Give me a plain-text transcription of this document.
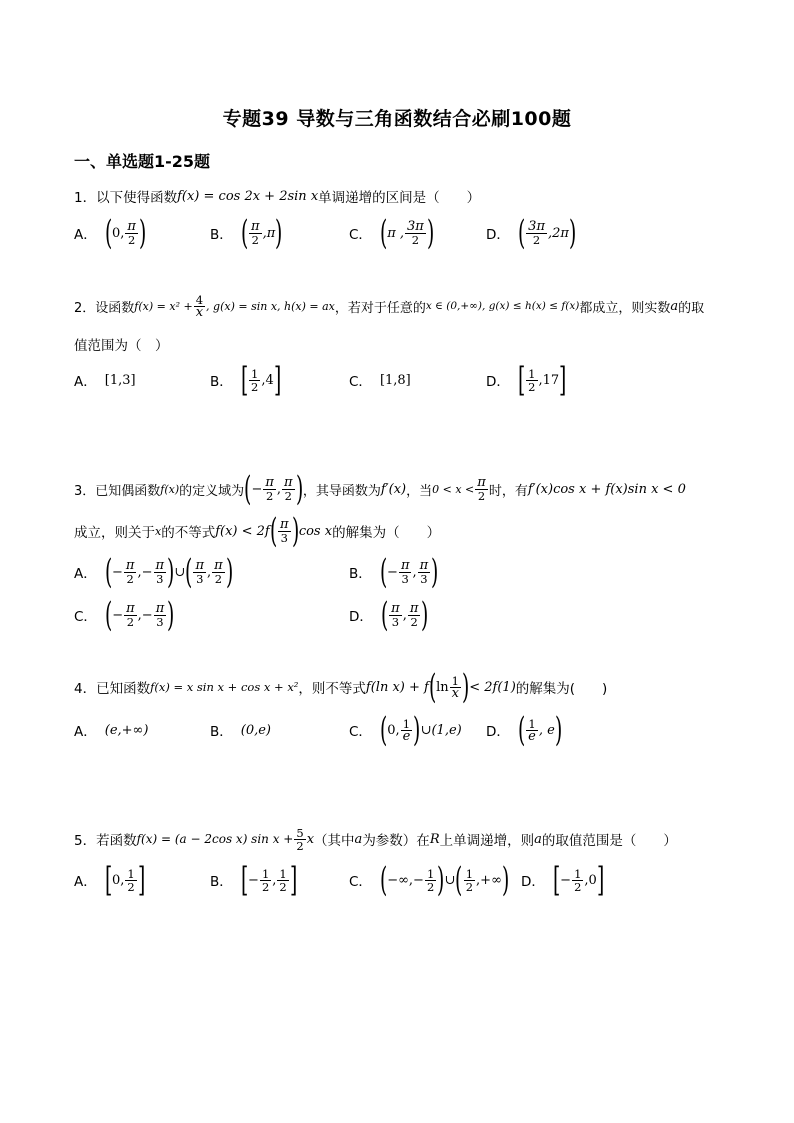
专题39 导数与三角函数结合必刷100题
一、单选题1-25题
1． 以下使得函数 f(x) = cos 2x + 2sin x 单调递增的区间是（　　）
A． ( 0, $\frac{\pi}{2}$ )	B． ( $\frac{\pi}{2} ,\pi$ )	C． ( π , $\frac{3\pi}{2}$ )	D． ( $\frac{3\pi}{2} ,2\pi$ )
2． 设函数 $f(x) = x^2 + \frac{4}{x}$ , g(x) = sin x, h(x) = ax ，若对于任意的 x ∈ (0,+∞), g(x) ≤ h(x) ≤ f(x) 都成立，则实数 a 的取
值范围为（　）
A． [1,3]	B． [ $\frac{1}{2} ,4$ ]	C． [1,8]	D． [ $\frac{1}{2} ,17$ ]
3． 已知偶函数 f(x) 的定义域为 ( − $\frac{\pi}{2}$ , $\frac{\pi}{2}$ ) ，其导函数为 f′(x) ，当 $0 < x < \frac{\pi}{2}$ 时，有 f′(x)cos x + f(x)sin x < 0
成立，则关于 x 的不等式 f(x) < 2f ( $\frac{\pi}{3}$ ) cos x 的解集为（　　）
A． ( − $\frac{\pi}{2}$ ,− $\frac{\pi}{3}$ ) ∪ ( $\frac{\pi}{3}$ , $\frac{\pi}{2}$ )	B． ( − $\frac{\pi}{3}$ , $\frac{\pi}{3}$ )
C． ( − $\frac{\pi}{2}$ ,− $\frac{\pi}{3}$ )	D． ( $\frac{\pi}{3}$ , $\frac{\pi}{2}$ )
4． 已知函数 f(x) = x sin x + cos x + x² ，则不等式 f(ln x) + f ( $\ln \frac{1}{x}$ ) < 2f(1) 的解集为(　　)
A． (e,+∞)	B． (0,e)	C． ( 0, $\frac{1}{e}$ ) ∪(1,e) D． ( $\frac{1}{e}$ , e )
5． 若函数 f(x) = (a − 2cos x) $\sin x + \frac{5}{2}$ x （其中 a 为参数）在 R 上单调递增，则 a 的取值范围是（　　）
A． [ 0, $\frac{1}{2}$ ]	B． [ − $\frac{1}{2}$ , $\frac{1}{2}$ ]	C． ( −∞,− $\frac{1}{2}$ ) ∪ ( $\frac{1}{2}$ ,+∞ ) D． [ − $\frac{1}{2} ,0$ ]
